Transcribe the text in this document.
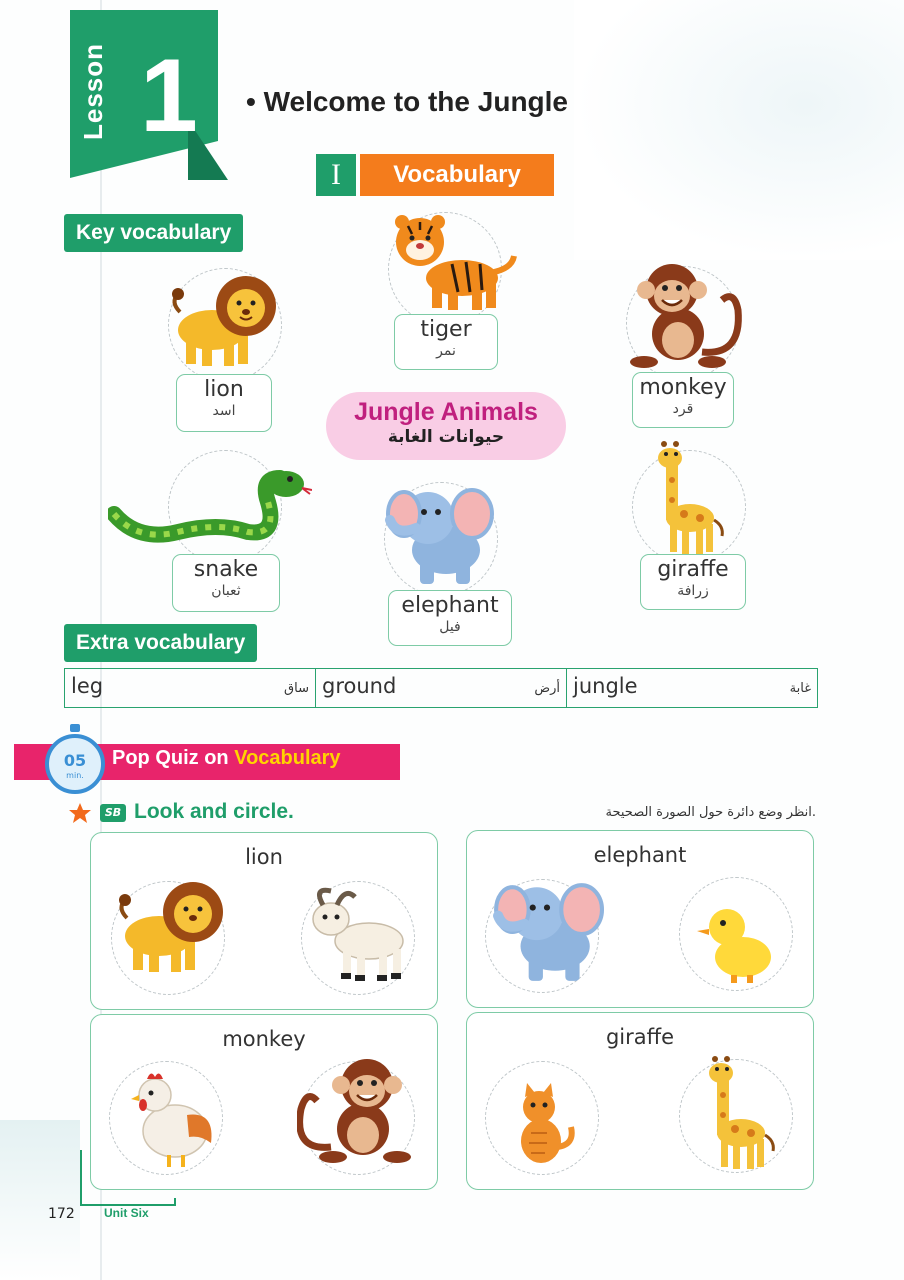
Lesson 1 • Welcome to the Jungle
I	Vocabulary
Key vocabulary
lion
اسد
tiger
نمر
monkey
قرد
Jungle Animals
حيوانات الغابة
snake
ثعبان
elephant
فيل
giraffe
زرافة
Extra vocabulary
leg	ساق ground	أرض jungle	غابة
05
min.
Pop Quiz on Vocabulary
SB Look and circle.	انظر وضع دائرة حول الصورة الصحيحة.
lion	elephant
monkey	giraffe
172 Unit Six
